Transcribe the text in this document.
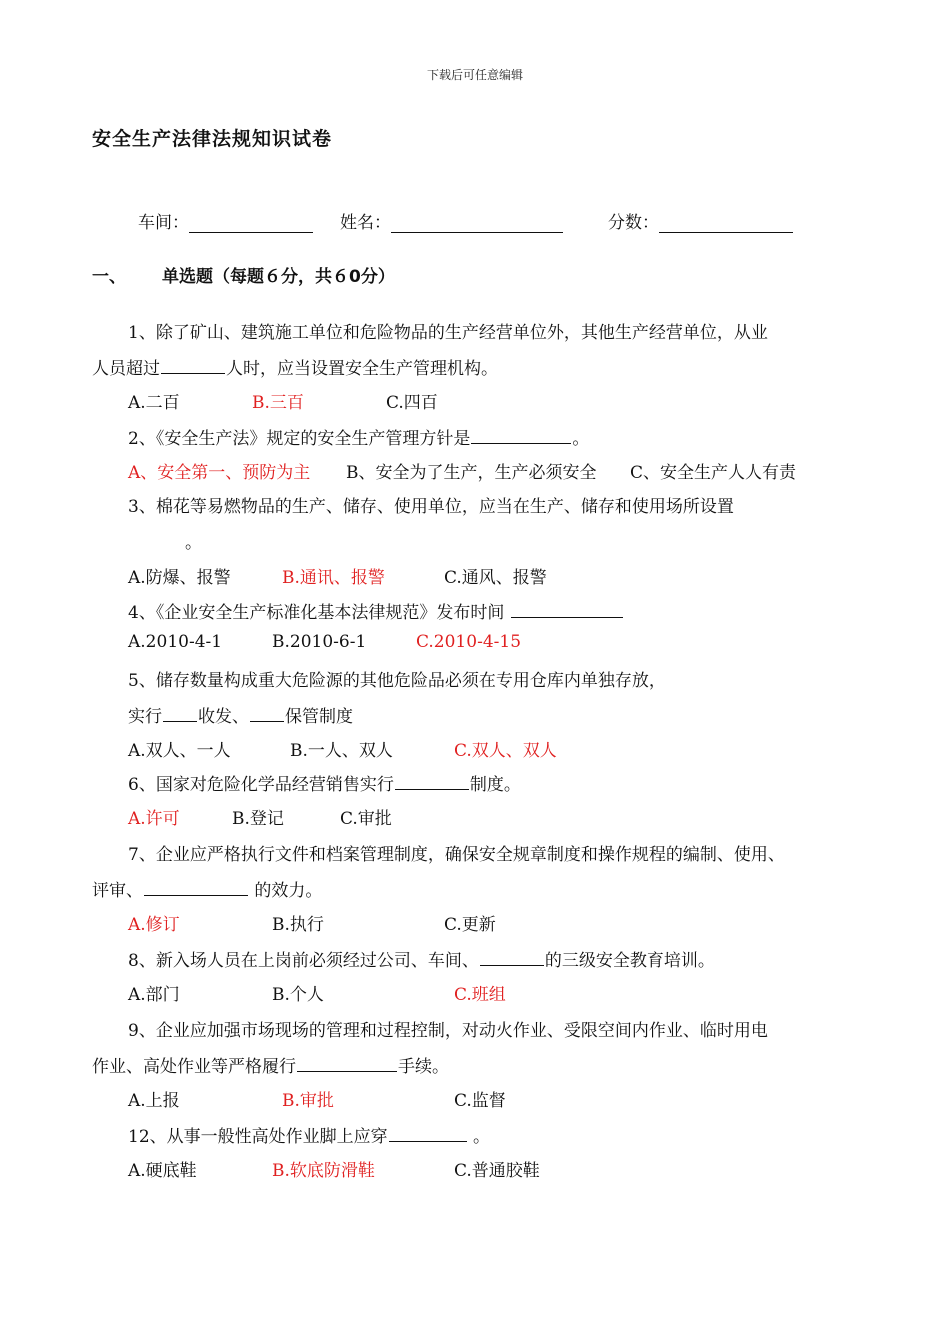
下载后可任意编辑
安全生产法律法规知识试卷
车间：	姓名：	分数：
一、 单选题（每题６分，共６0分）
1、除了矿山、建筑施工单位和危险物品的生产经营单位外，其他生产经营单位，从业
人员超过	人时，应当设置安全生产管理机构。
A.二百	B.三百	C.四百
2、《安全生产法》规定的安全生产管理方针是	。
A、安全第一、预防为主 B、安全为了生产，生产必须安全 C、安全生产人人有责
3、棉花等易燃物品的生产、储存、使用单位，应当在生产、储存和使用场所设置
。
A.防爆、报警	B.通讯、报警	C.通风、报警
4、《企业安全生产标准化基本法律规范》发布时间
A.2010-4-1	B.2010-6-1	C.2010-4-15
5、储存数量构成重大危险源的其他危险品必须在专用仓库内单独存放，
实行 收发、 保管制度
A.双人、一人	B.一人、双人	C.双人、双人
6、国家对危险化学品经营销售实行	制度。
A.许可	B.登记	C.审批
7、企业应严格执行文件和档案管理制度，确保安全规章制度和操作规程的编制、使用、
评审、	的效力。
A.修订	B.执行	C.更新
8、新入场人员在上岗前必须经过公司、车间、	的三级安全教育培训。
A.部门	B.个人	C.班组
9、企业应加强市场现场的管理和过程控制，对动火作业、受限空间内作业、临时用电
作业、高处作业等严格履行	手续。
A.上报	B.审批	C.监督
12、从事一般性高处作业脚上应穿	。
A.硬底鞋	B.软底防滑鞋	C.普通胶鞋
